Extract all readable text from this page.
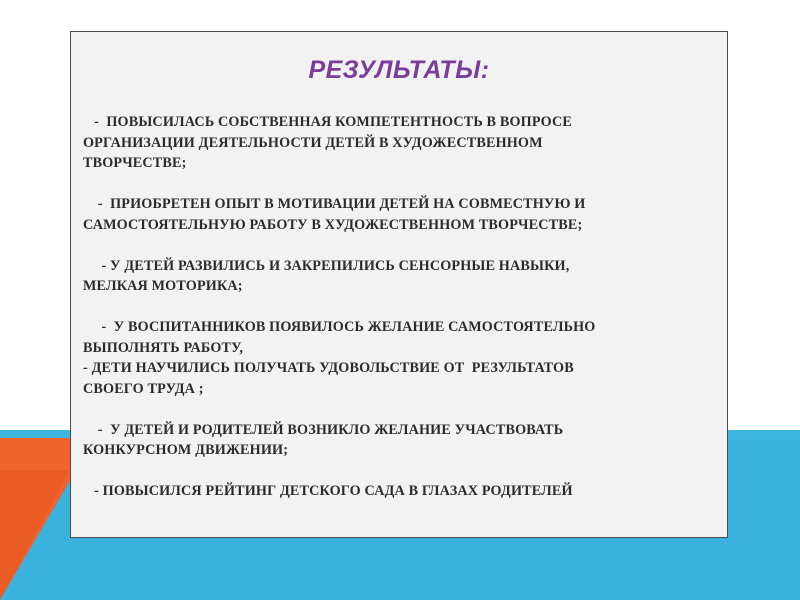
РЕЗУЛЬТАТЫ:
-  ПОВЫСИЛАСЬ СОБСТВЕННАЯ КОМПЕТЕНТНОСТЬ В ВОПРОСЕ
ОРГАНИЗАЦИИ ДЕЯТЕЛЬНОСТИ ДЕТЕЙ В ХУДОЖЕСТВЕННОМ
ТВОРЧЕСТВЕ;
-  ПРИОБРЕТЕН ОПЫТ В МОТИВАЦИИ ДЕТЕЙ НА СОВМЕСТНУЮ И
САМОСТОЯТЕЛЬНУЮ РАБОТУ В ХУДОЖЕСТВЕННОМ ТВОРЧЕСТВЕ;
- У ДЕТЕЙ РАЗВИЛИСЬ И ЗАКРЕПИЛИСЬ СЕНСОРНЫЕ НАВЫКИ,
МЕЛКАЯ МОТОРИКА;
-  У ВОСПИТАННИКОВ ПОЯВИЛОСЬ ЖЕЛАНИЕ САМОСТОЯТЕЛЬНО
ВЫПОЛНЯТЬ РАБОТУ,
- ДЕТИ НАУЧИЛИСЬ ПОЛУЧАТЬ УДОВОЛЬСТВИЕ ОТ  РЕЗУЛЬТАТОВ
СВОЕГО ТРУДА ;
-  У ДЕТЕЙ И РОДИТЕЛЕЙ ВОЗНИКЛО ЖЕЛАНИЕ УЧАСТВОВАТЬ
КОНКУРСНОМ ДВИЖЕНИИ;
- ПОВЫСИЛСЯ РЕЙТИНГ ДЕТСКОГО САДА В ГЛАЗАХ РОДИТЕЛЕЙ
